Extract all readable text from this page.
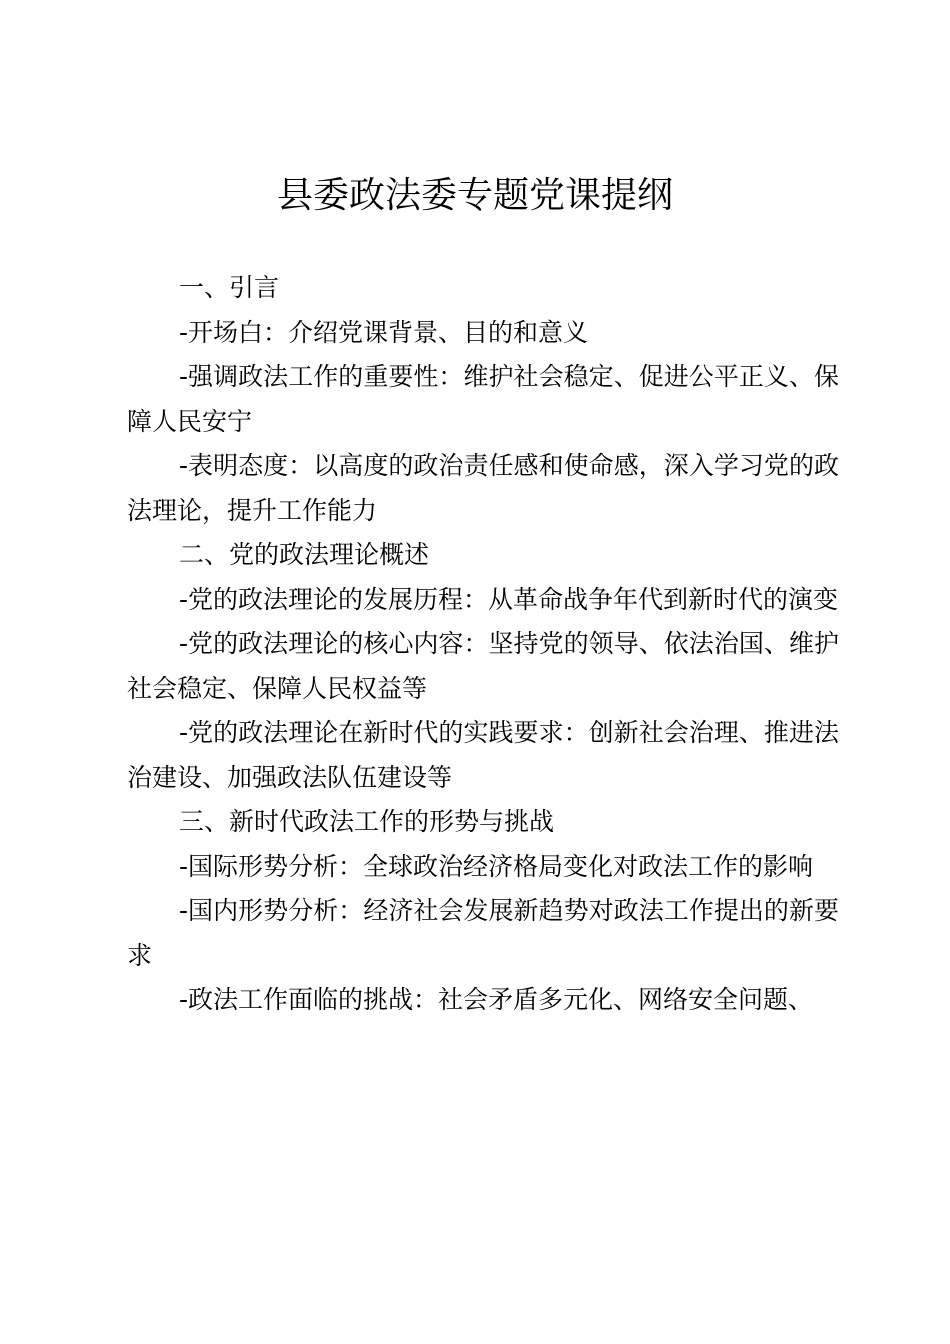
县委政法委专题党课提纲

一、引言

-开场白：介绍党课背景、目的和意义

-强调政法工作的重要性：维护社会稳定、促进公平正义、保障人民安宁

-表明态度：以高度的政治责任感和使命感，深入学习党的政法理论，提升工作能力

二、党的政法理论概述

-党的政法理论的发展历程：从革命战争年代到新时代的演变

-党的政法理论的核心内容：坚持党的领导、依法治国、维护社会稳定、保障人民权益等

-党的政法理论在新时代的实践要求：创新社会治理、推进法治建设、加强政法队伍建设等

三、新时代政法工作的形势与挑战

-国际形势分析：全球政治经济格局变化对政法工作的影响

-国内形势分析：经济社会发展新趋势对政法工作提出的新要求

-政法工作面临的挑战：社会矛盾多元化、网络安全问题、
